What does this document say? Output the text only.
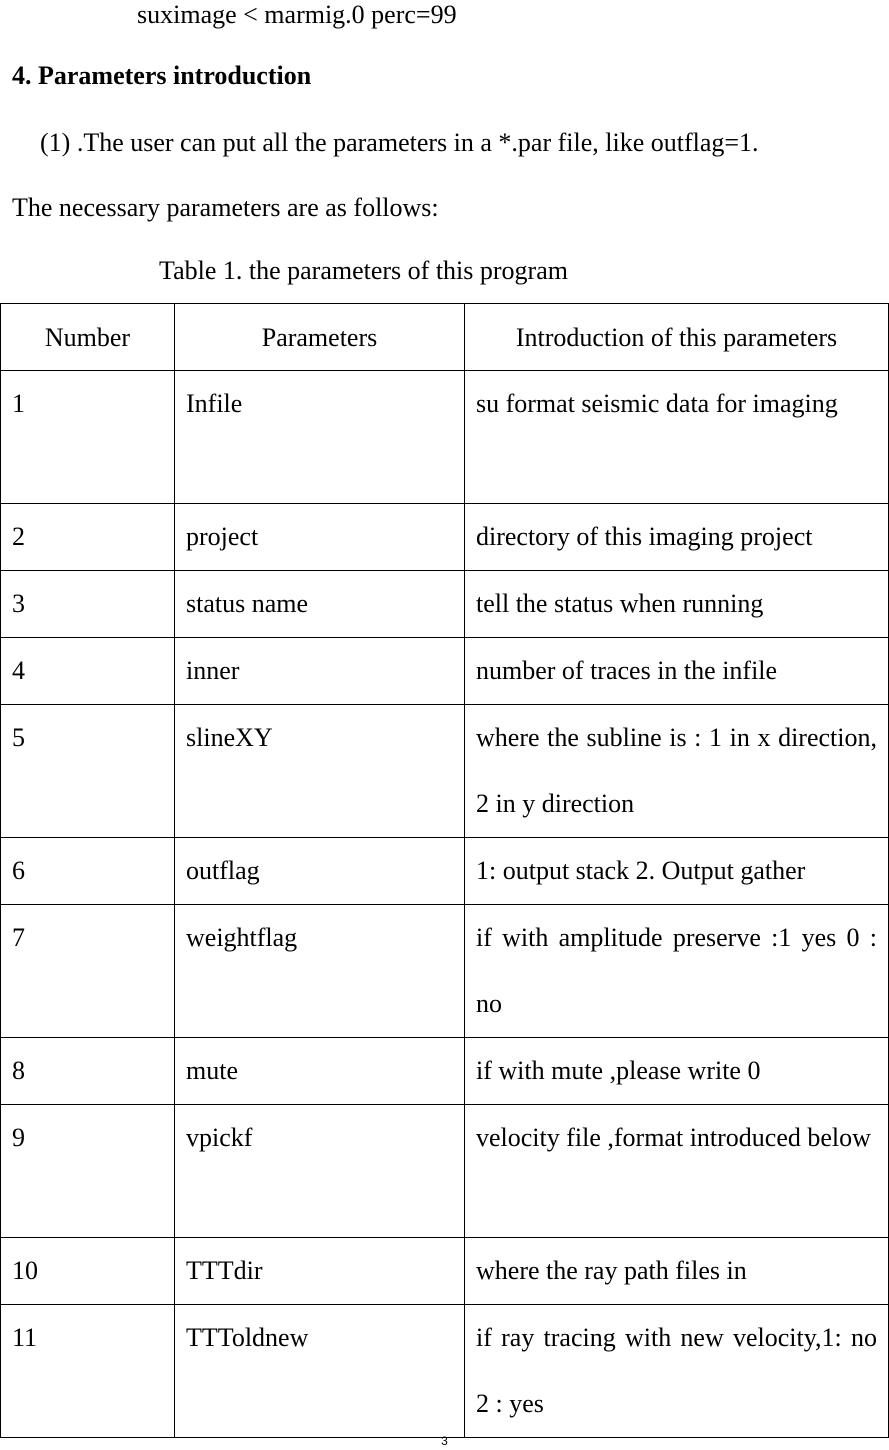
suximage < marmig.0 perc=99
4. Parameters introduction
(1) .The user can put all the parameters in a *.par file, like outflag=1.
The necessary parameters are as follows:
Table 1. the parameters of this program
Number	Parameters	Introduction of this parameters
1	Infile	su format seismic data for imaging
2	project	directory of this imaging project
3	status name	tell the status when running
4	inner	number of traces in the infile
5	slineXY	where the subline is : 1 in x direction, 2 in y direction
6	outflag	1: output stack 2. Output gather
7	weightflag	if with amplitude preserve :1 yes 0 : no
8	mute	if with mute ,please write 0
9	vpickf	velocity file ,format introduced below
10	TTTdir	where the ray path files in
11	TTToldnew	if ray tracing with new velocity,1: no 2 : yes
3
